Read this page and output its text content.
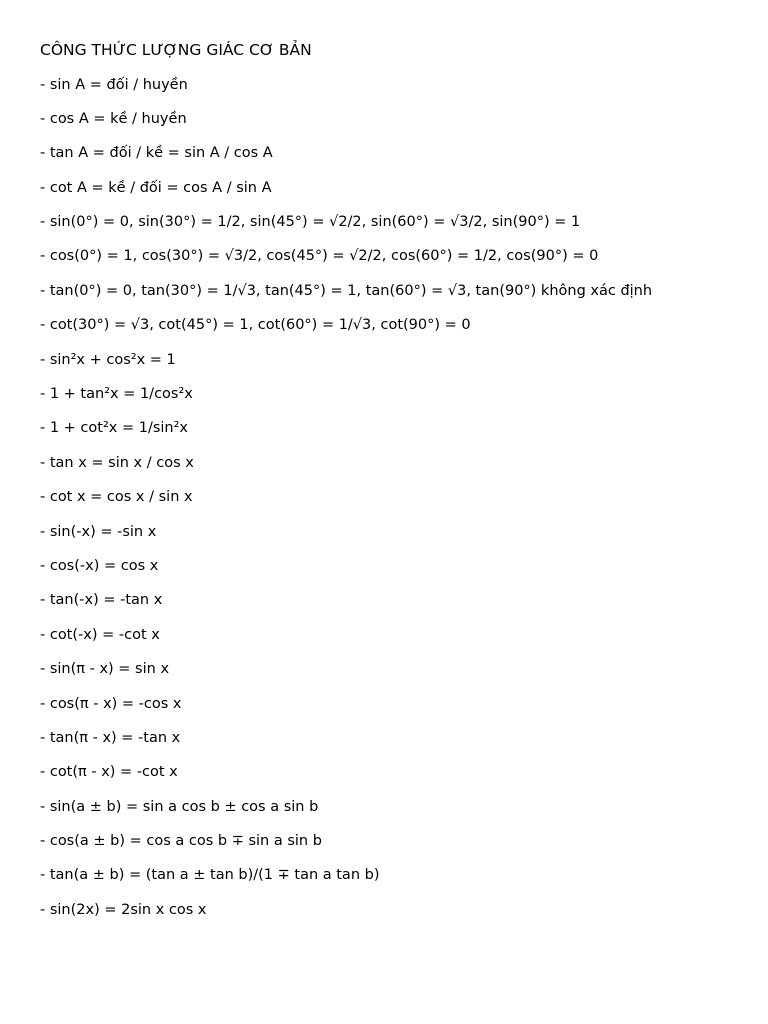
CÔNG THỨC LƯỢNG GIÁC CƠ BẢN
- sin A = đối / huyền
- cos A = kề / huyền
- tan A = đối / kề = sin A / cos A
- cot A = kề / đối = cos A / sin A
- sin(0°) = 0, sin(30°) = 1/2, sin(45°) = √2/2, sin(60°) = √3/2, sin(90°) = 1
- cos(0°) = 1, cos(30°) = √3/2, cos(45°) = √2/2, cos(60°) = 1/2, cos(90°) = 0
- tan(0°) = 0, tan(30°) = 1/√3, tan(45°) = 1, tan(60°) = √3, tan(90°) không xác định
- cot(30°) = √3, cot(45°) = 1, cot(60°) = 1/√3, cot(90°) = 0
- sin²x + cos²x = 1
- 1 + tan²x = 1/cos²x
- 1 + cot²x = 1/sin²x
- tan x = sin x / cos x
- cot x = cos x / sin x
- sin(-x) = -sin x
- cos(-x) = cos x
- tan(-x) = -tan x
- cot(-x) = -cot x
- sin(π - x) = sin x
- cos(π - x) = -cos x
- tan(π - x) = -tan x
- cot(π - x) = -cot x
- sin(a ± b) = sin a cos b ± cos a sin b
- cos(a ± b) = cos a cos b ∓ sin a sin b
- tan(a ± b) = (tan a ± tan b)/(1 ∓ tan a tan b)
- sin(2x) = 2sin x cos x
